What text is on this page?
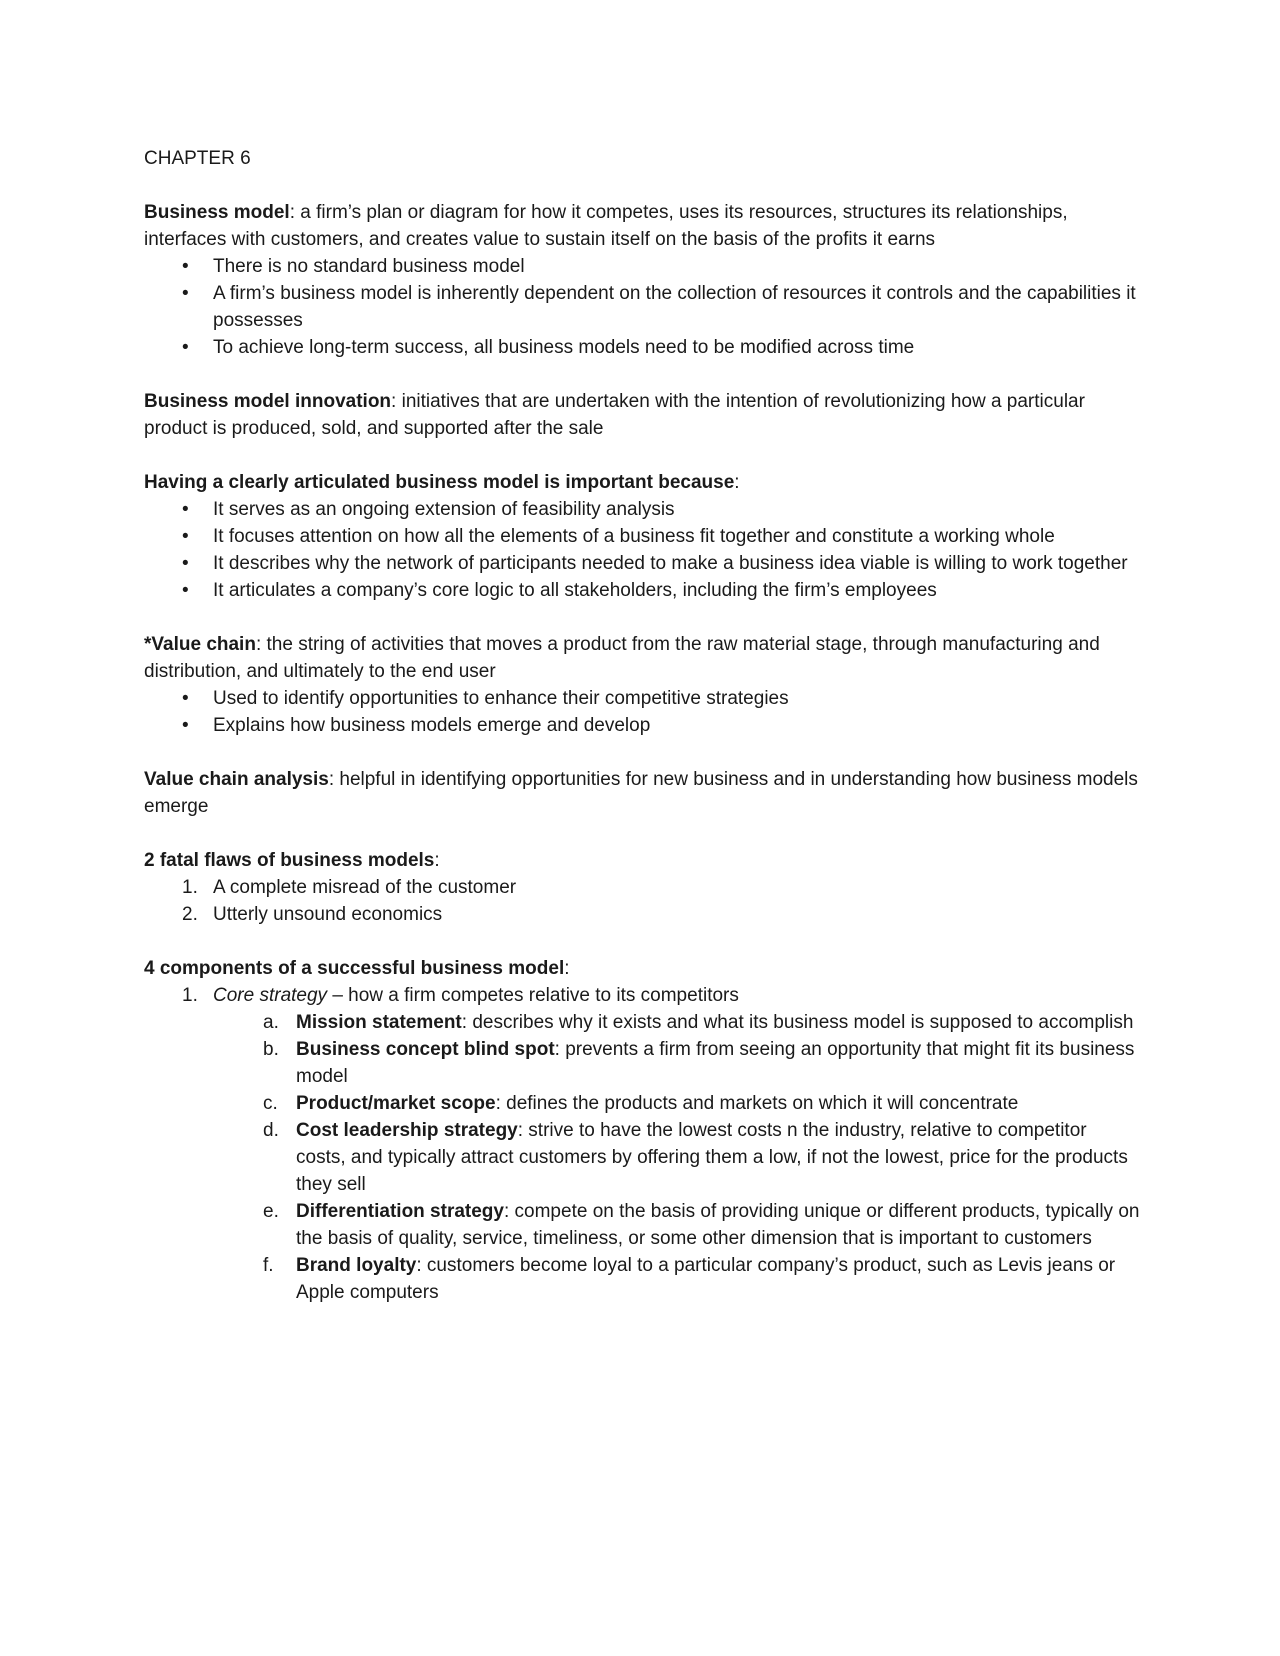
CHAPTER 6

Business model: a firm’s plan or diagram for how it competes, uses its resources, structures its relationships, interfaces with customers, and creates value to sustain itself on the basis of the profits it earns

• There is no standard business model
• A firm’s business model is inherently dependent on the collection of resources it controls and the capabilities it possesses
• To achieve long-term success, all business models need to be modified across time

Business model innovation: initiatives that are undertaken with the intention of revolutionizing how a particular product is produced, sold, and supported after the sale

Having a clearly articulated business model is important because:

• It serves as an ongoing extension of feasibility analysis
• It focuses attention on how all the elements of a business fit together and constitute a working whole
• It describes why the network of participants needed to make a business idea viable is willing to work together
• It articulates a company’s core logic to all stakeholders, including the firm’s employees

*Value chain: the string of activities that moves a product from the raw material stage, through manufacturing and distribution, and ultimately to the end user

• Used to identify opportunities to enhance their competitive strategies
• Explains how business models emerge and develop

Value chain analysis: helpful in identifying opportunities for new business and in understanding how business models emerge

2 fatal flaws of business models:

1. A complete misread of the customer
2. Utterly unsound economics

4 components of a successful business model:

1. Core strategy – how a firm competes relative to its competitors
a. Mission statement: describes why it exists and what its business model is supposed to accomplish
b. Business concept blind spot: prevents a firm from seeing an opportunity that might fit its business model
c. Product/market scope: defines the products and markets on which it will concentrate
d. Cost leadership strategy: strive to have the lowest costs n the industry, relative to competitor costs, and typically attract customers by offering them a low, if not the lowest, price for the products they sell
e. Differentiation strategy: compete on the basis of providing unique or different products, typically on the basis of quality, service, timeliness, or some other dimension that is important to customers
f. Brand loyalty: customers become loyal to a particular company’s product, such as Levis jeans or Apple computers
